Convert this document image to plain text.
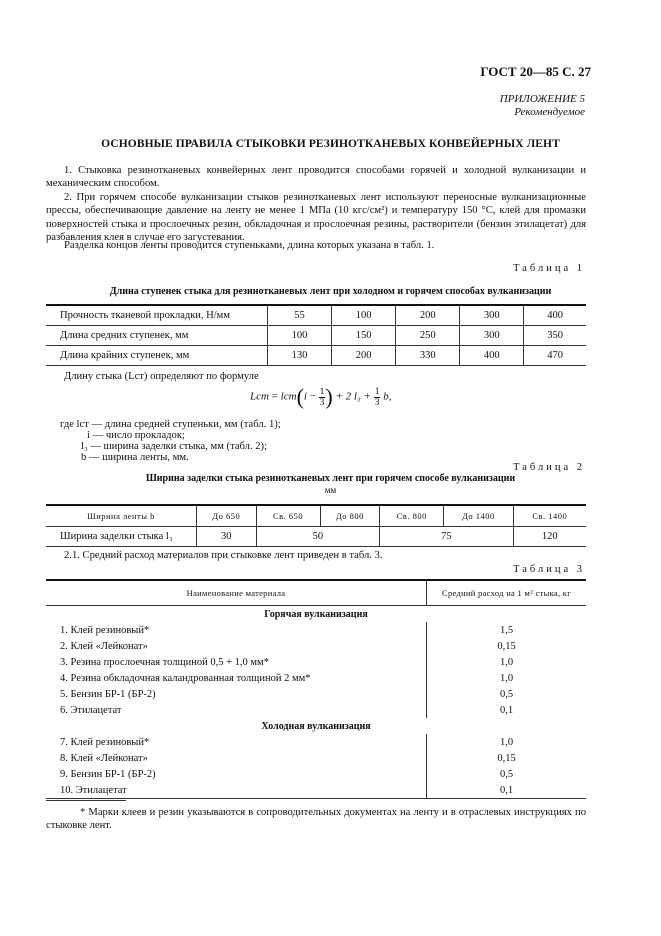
ГОСТ 20—85 С. 27
ПРИЛОЖЕНИЕ 5
Рекомендуемое
ОСНОВНЫЕ ПРАВИЛА СТЫКОВКИ РЕЗИНОТКАНЕВЫХ КОНВЕЙЕРНЫХ ЛЕНТ
1. Стыковка резинотканевых конвейерных лент проводится способами горячей и холодной вулканизации и механическим способом.
2. При горячем способе вулканизации стыков резинотканевых лент используют переносные вулканизационные прессы, обеспечивающие давление на ленту не менее 1 МПа (10 кгс/см²) и температуру 150 °С, клей для промазки поверхностей стыка и прослоечных резин, обкладочная и прослоечная резины, растворители (бензин этилацетат) для разбавления клея в случае его загустевания.
Разделка концов ленты проводится ступеньками, длина которых указана в табл. 1.
Таблица 1
Длина ступенек стыка для резинотканевых лент при холодном и горячем способах вулканизации
Прочность тканевой прокладки, Н/мм	55	100	200	300	400
Длина средних ступенек, мм	100	150	250	300	350
Длина крайних ступенек, мм	130	200	330	400	470
Длину стыка (Lст) определяют по формуле
Lст = $lст(i - \frac{1}{3}$ ) + 2 $l_3 + \frac{1}{3} b$,
где lст — длина средней ступеньки, мм (табл. 1);
i — число прокладок;
l₃ — ширина заделки стыка, мм (табл. 2);
b — ширина ленты, мм.
Таблица 2
Ширина заделки стыка резинотканевых лент при горячем способе вулканизации
мм
Ширина ленты b	До 650	Св. 650	До 800	Св. 800	До 1400	Св. 1400
Ширина заделки стыка l₃	30	50		75		120
2.1. Средний расход материалов при стыковке лент приведен в табл. 3.
Таблица 3
Наименование материала	Средний расход на 1 м² стыка, кг
Горячая вулканизация	
1. Клей резиновый*	1,5
2. Клей «Лейконат»	0,15
3. Резина прослоечная толщиной 0,5 + 1,0 мм*	1,0
4. Резина обкладочная каландрованная толщиной 2 мм*	1,0
5. Бензин БР-1 (БР-2)	0,5
6. Этилацетат	0,1
Холодная вулканизация	
7. Клей резиновый*	1,0
8. Клей «Лейконат»	0,15
9. Бензин БР-1 (БР-2)	0,5
10. Этилацетат	0,1
* Марки клеев и резин указываются в сопроводительных документах на ленту и в отраслевых инструкциях по стыковке лент.
